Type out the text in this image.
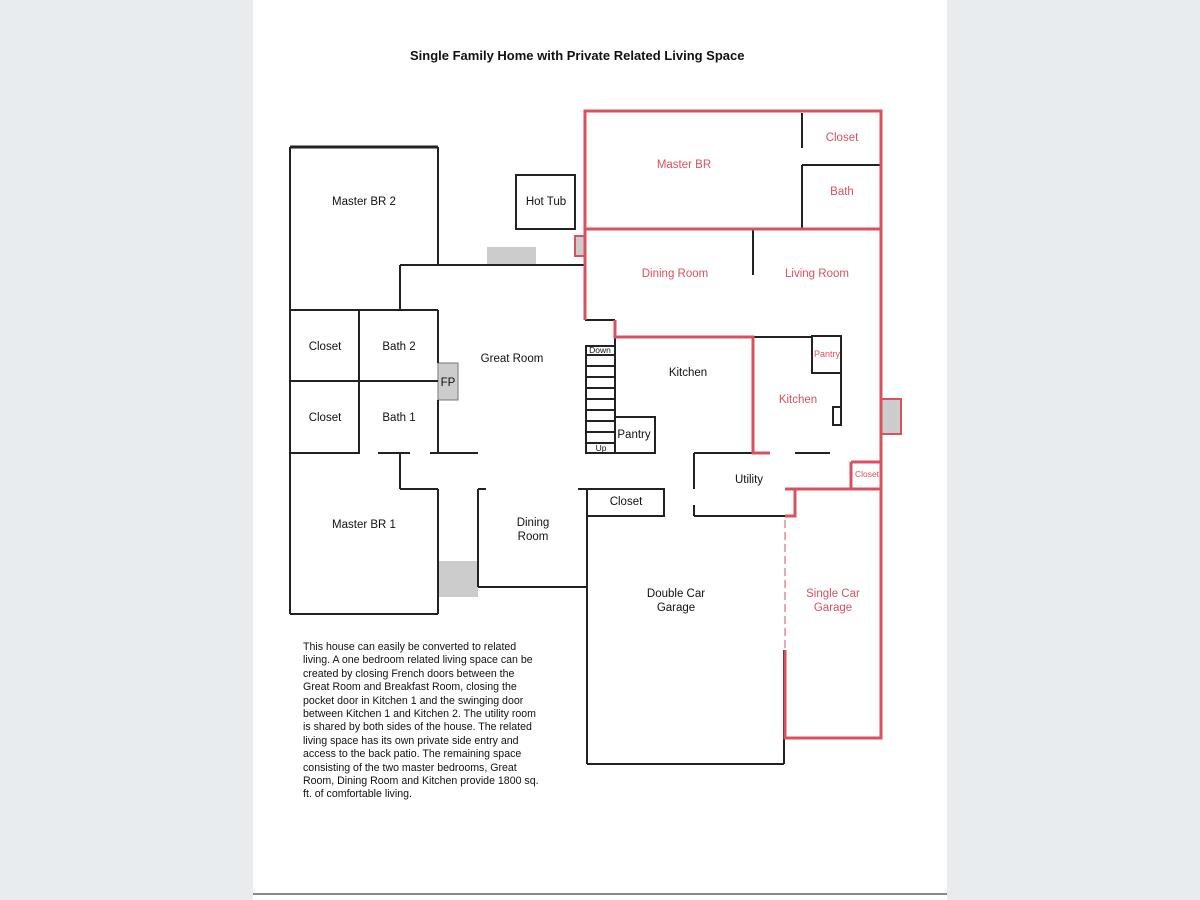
Single Family Home with Private Related Living Space
Master BR 2	Hot Tub
Closet	Bath 2
Closet	Bath 1
FP
Great Room
Master BR 1	Dining
Room
Down
Up
Pantry
Kitchen
Closet
Utility
Double Car
Garage
Master BR
Closet
Bath
Dining Room	Living Room
Pantry
Kitchen
Closet
Single Car
Garage
This house can easily be converted to related
living. A one bedroom related living space can be
created by closing French doors between the
Great Room and Breakfast Room, closing the
pocket door in Kitchen 1 and the swinging door
between Kitchen 1 and Kitchen 2. The utility room
is shared by both sides of the house. The related
living space has its own private side entry and
access to the back patio. The remaining space
consisting of the two master bedrooms, Great
Room, Dining Room and Kitchen provide 1800 sq.
ft. of comfortable living.
